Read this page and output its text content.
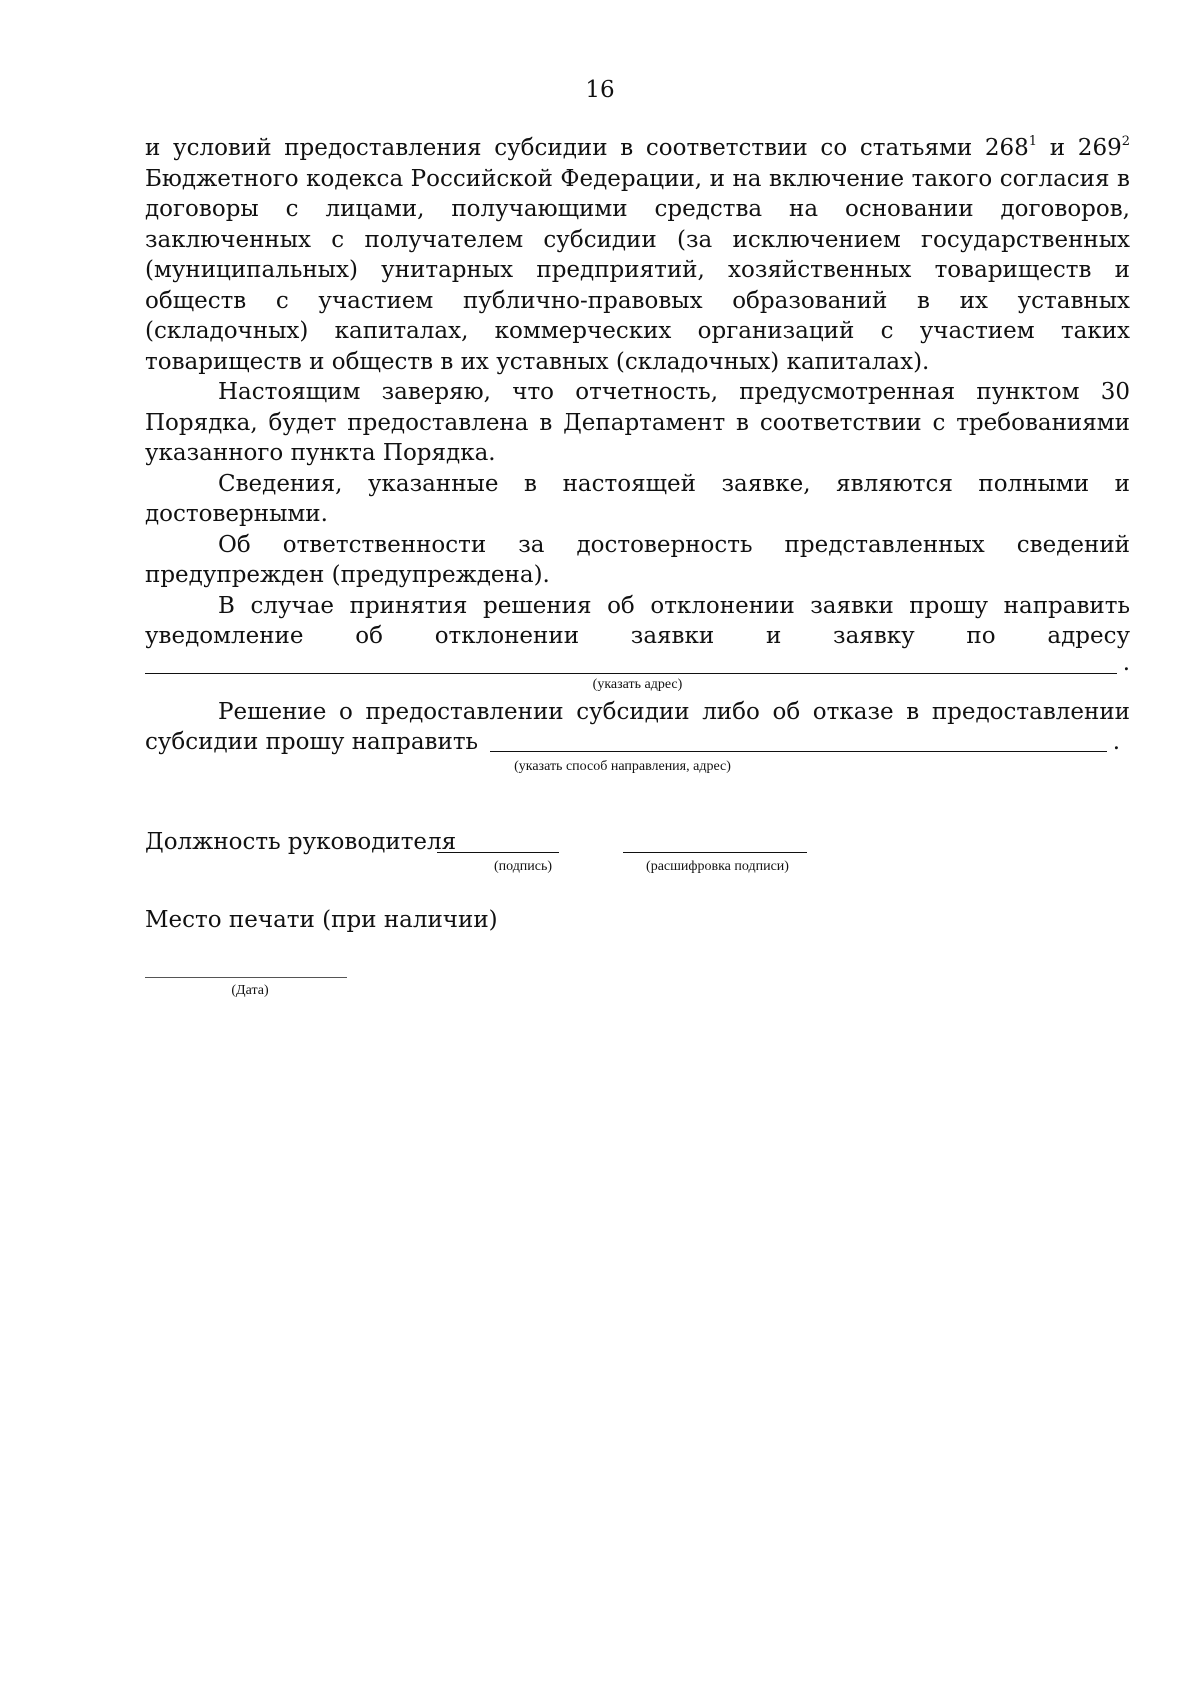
16

и условий предоставления субсидии в соответствии со статьями $268^1$ и $269^2$ Бюджетного кодекса Российской Федерации, и на включение такого согласия в договоры с лицами, получающими средства на основании договоров, заключенных с получателем субсидии (за исключением государственных (муниципальных) унитарных предприятий, хозяйственных товариществ и обществ с участием публично-правовых образований в их уставных (складочных) капиталах, коммерческих организаций с участием таких товариществ и обществ в их уставных (складочных) капиталах).

Настоящим заверяю, что отчетность, предусмотренная пунктом 30 Порядка, будет предоставлена в Департамент в соответствии с требованиями указанного пункта Порядка.

Сведения, указанные в настоящей заявке, являются полными и достоверными.

Об ответственности за достоверность представленных сведений предупрежден (предупреждена).

В случае принятия решения об отклонении заявки прошу направить

уведомление об отклонении заявки и заявку по адресу
.
(указать адрес)

Решение о предоставлении субсидии либо об отказе в предоставлении

субсидии прошу направить	.
(указать способ направления, адрес)
Должность руководителя
(подпись)	(расшифровка подписи)
Место печати (при наличии)
(Дата)
